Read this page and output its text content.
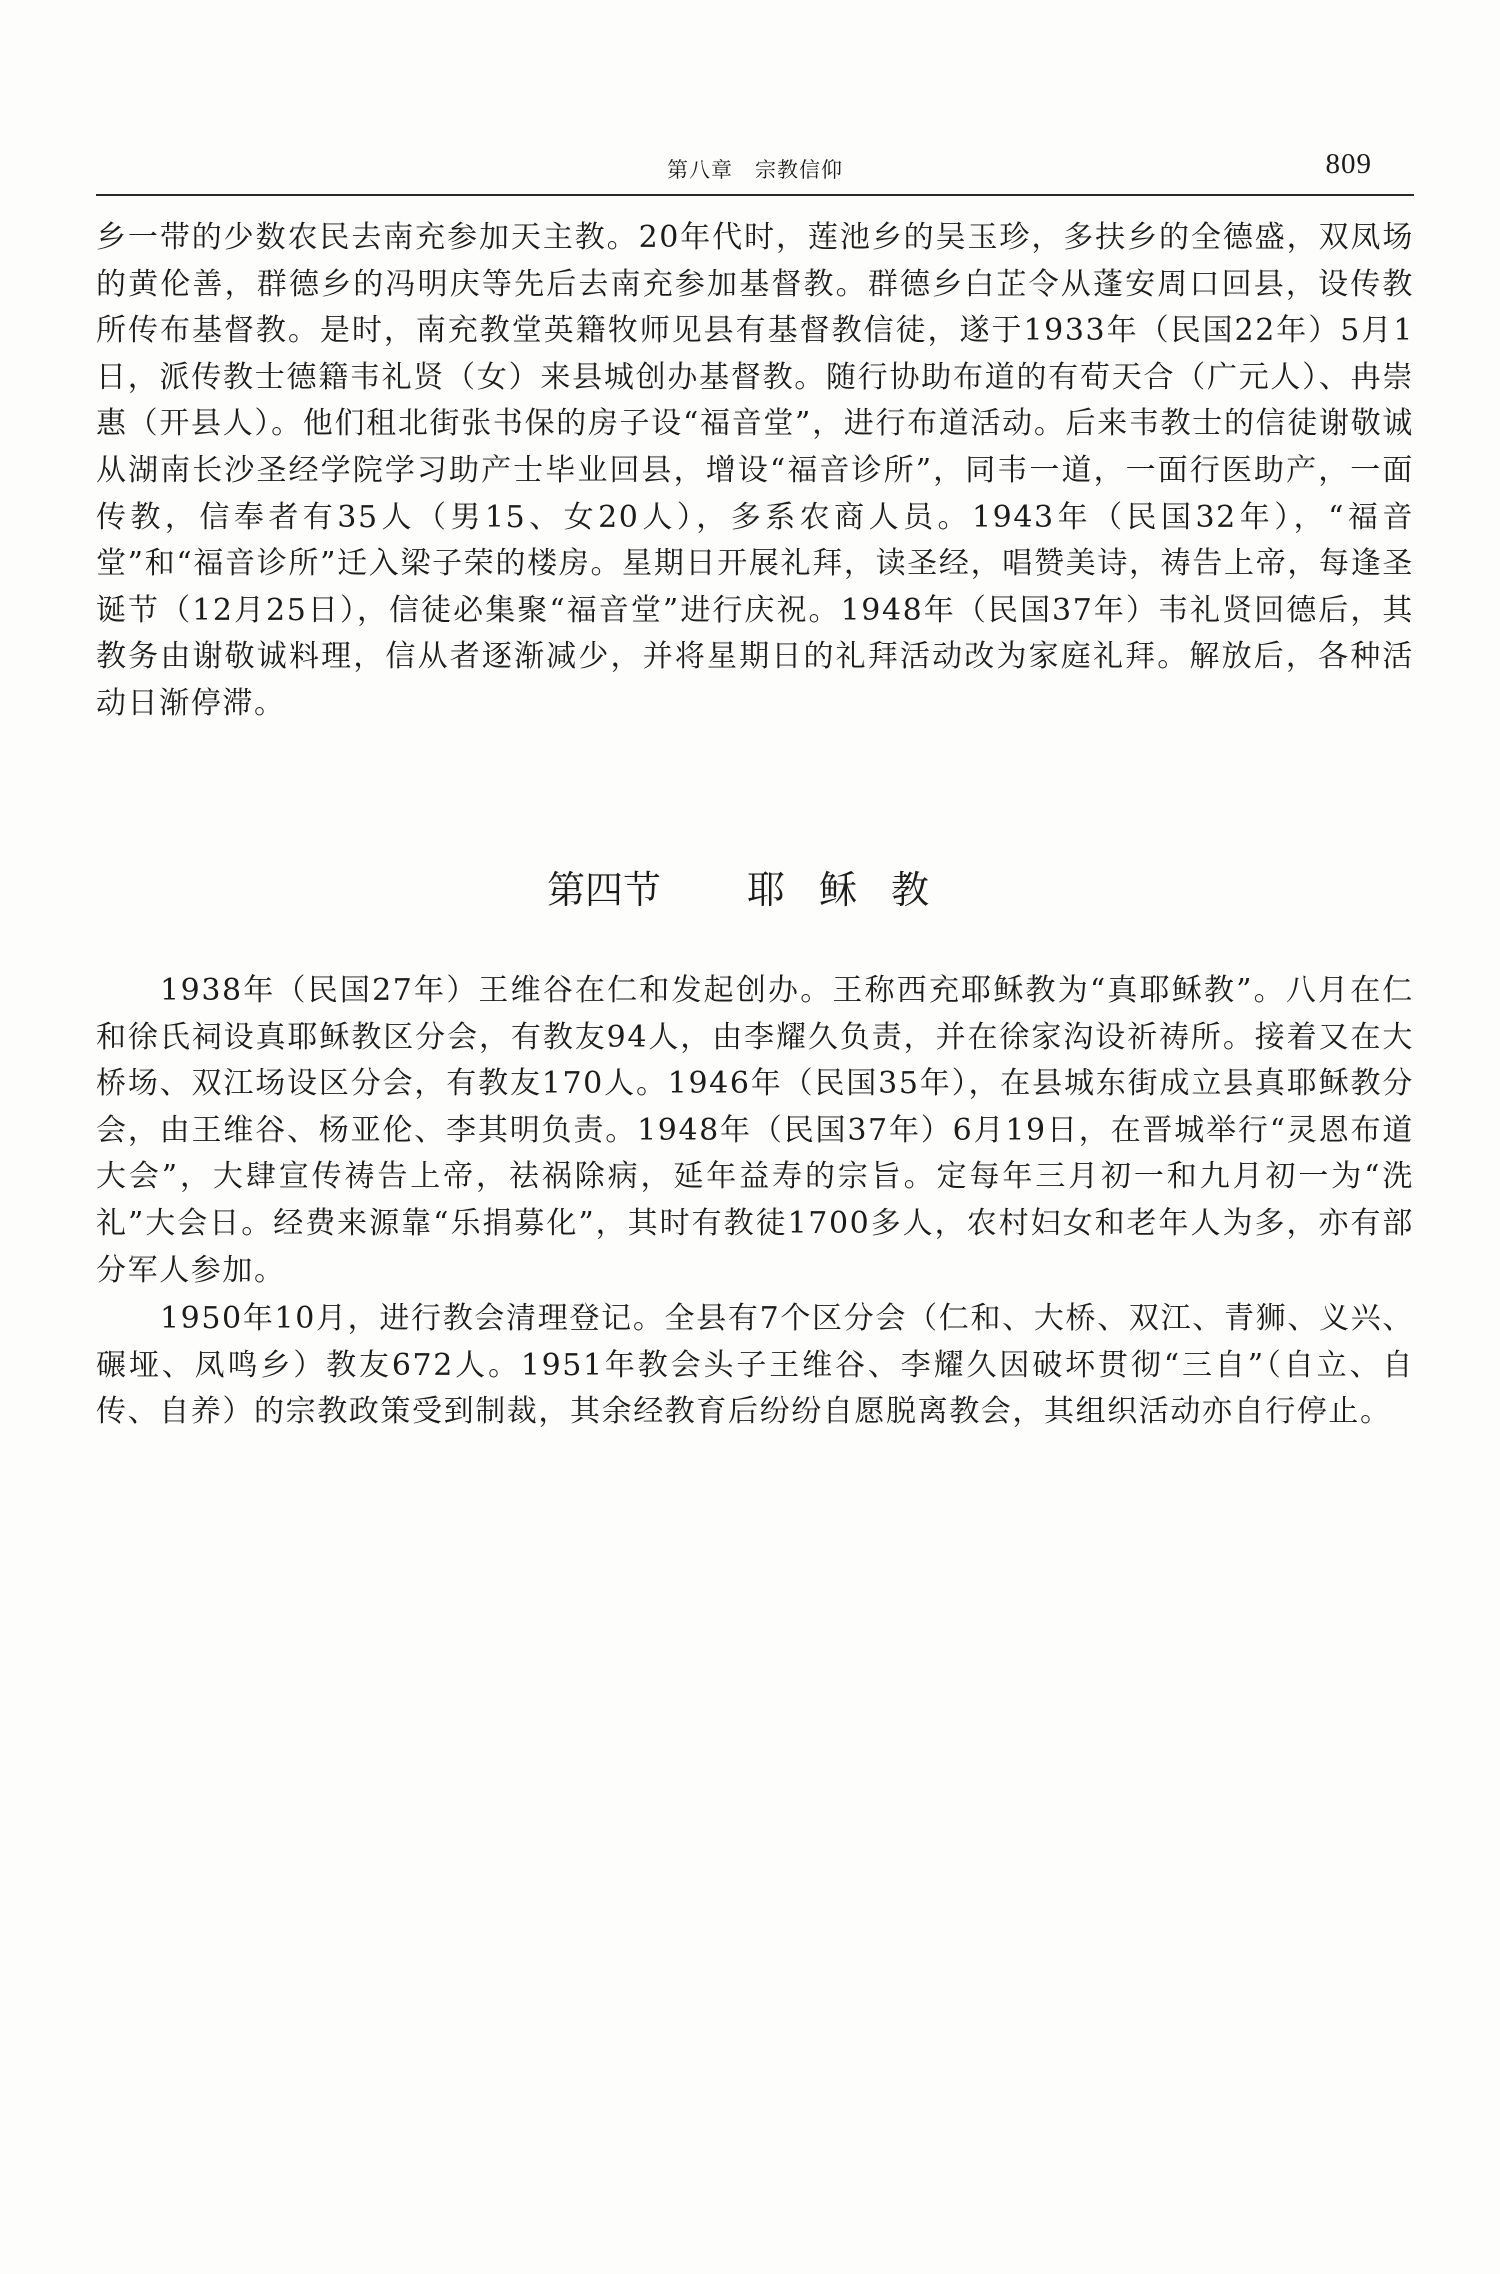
第八章　宗教信仰	809

乡一带的少数农民去南充参加天主教。20年代时，莲池乡的吴玉珍，多扶乡的全德盛，双凤场的黄伦善，群德乡的冯明庆等先后去南充参加基督教。群德乡白芷令从蓬安周口回县，设传教所传布基督教。是时，南充教堂英籍牧师见县有基督教信徒，遂于1933年（民国22年）5月1日，派传教士德籍韦礼贤（女）来县城创办基督教。随行协助布道的有荀天合（广元人）、冉崇惠（开县人）。他们租北街张书保的房子设“福音堂”，进行布道活动。后来韦教士的信徒谢敬诚从湖南长沙圣经学院学习助产士毕业回县，增设“福音诊所”，同韦一道，一面行医助产，一面传教，信奉者有35人（男15、女20人），多系农商人员。1943年（民国32年），“福音堂”和“福音诊所”迁入梁子荣的楼房。星期日开展礼拜，读圣经，唱赞美诗，祷告上帝，每逢圣诞节（12月25日），信徒必集聚“福音堂”进行庆祝。1948年（民国37年）韦礼贤回德后，其教务由谢敬诚料理，信从者逐渐减少，并将星期日的礼拜活动改为家庭礼拜。解放后，各种活动日渐停滞。

第四节 耶稣教

1938年（民国27年）王维谷在仁和发起创办。王称西充耶稣教为“真耶稣教”。八月在仁和徐氏祠设真耶稣教区分会，有教友94人，由李耀久负责，并在徐家沟设祈祷所。接着又在大桥场、双江场设区分会，有教友170人。1946年（民国35年），在县城东街成立县真耶稣教分会，由王维谷、杨亚伦、李其明负责。1948年（民国37年）6月19日，在晋城举行“灵恩布道大会”，大肆宣传祷告上帝，祛祸除病，延年益寿的宗旨。定每年三月初一和九月初一为“洗礼”大会日。经费来源靠“乐捐募化”，其时有教徒1700多人，农村妇女和老年人为多，亦有部分军人参加。

1950年10月，进行教会清理登记。全县有7个区分会（仁和、大桥、双江、青狮、义兴、碾垭、凤鸣乡）教友672人。1951年教会头子王维谷、李耀久因破坏贯彻“三自”（自立、自传、自养）的宗教政策受到制裁，其余经教育后纷纷自愿脱离教会，其组织活动亦自行停止。
